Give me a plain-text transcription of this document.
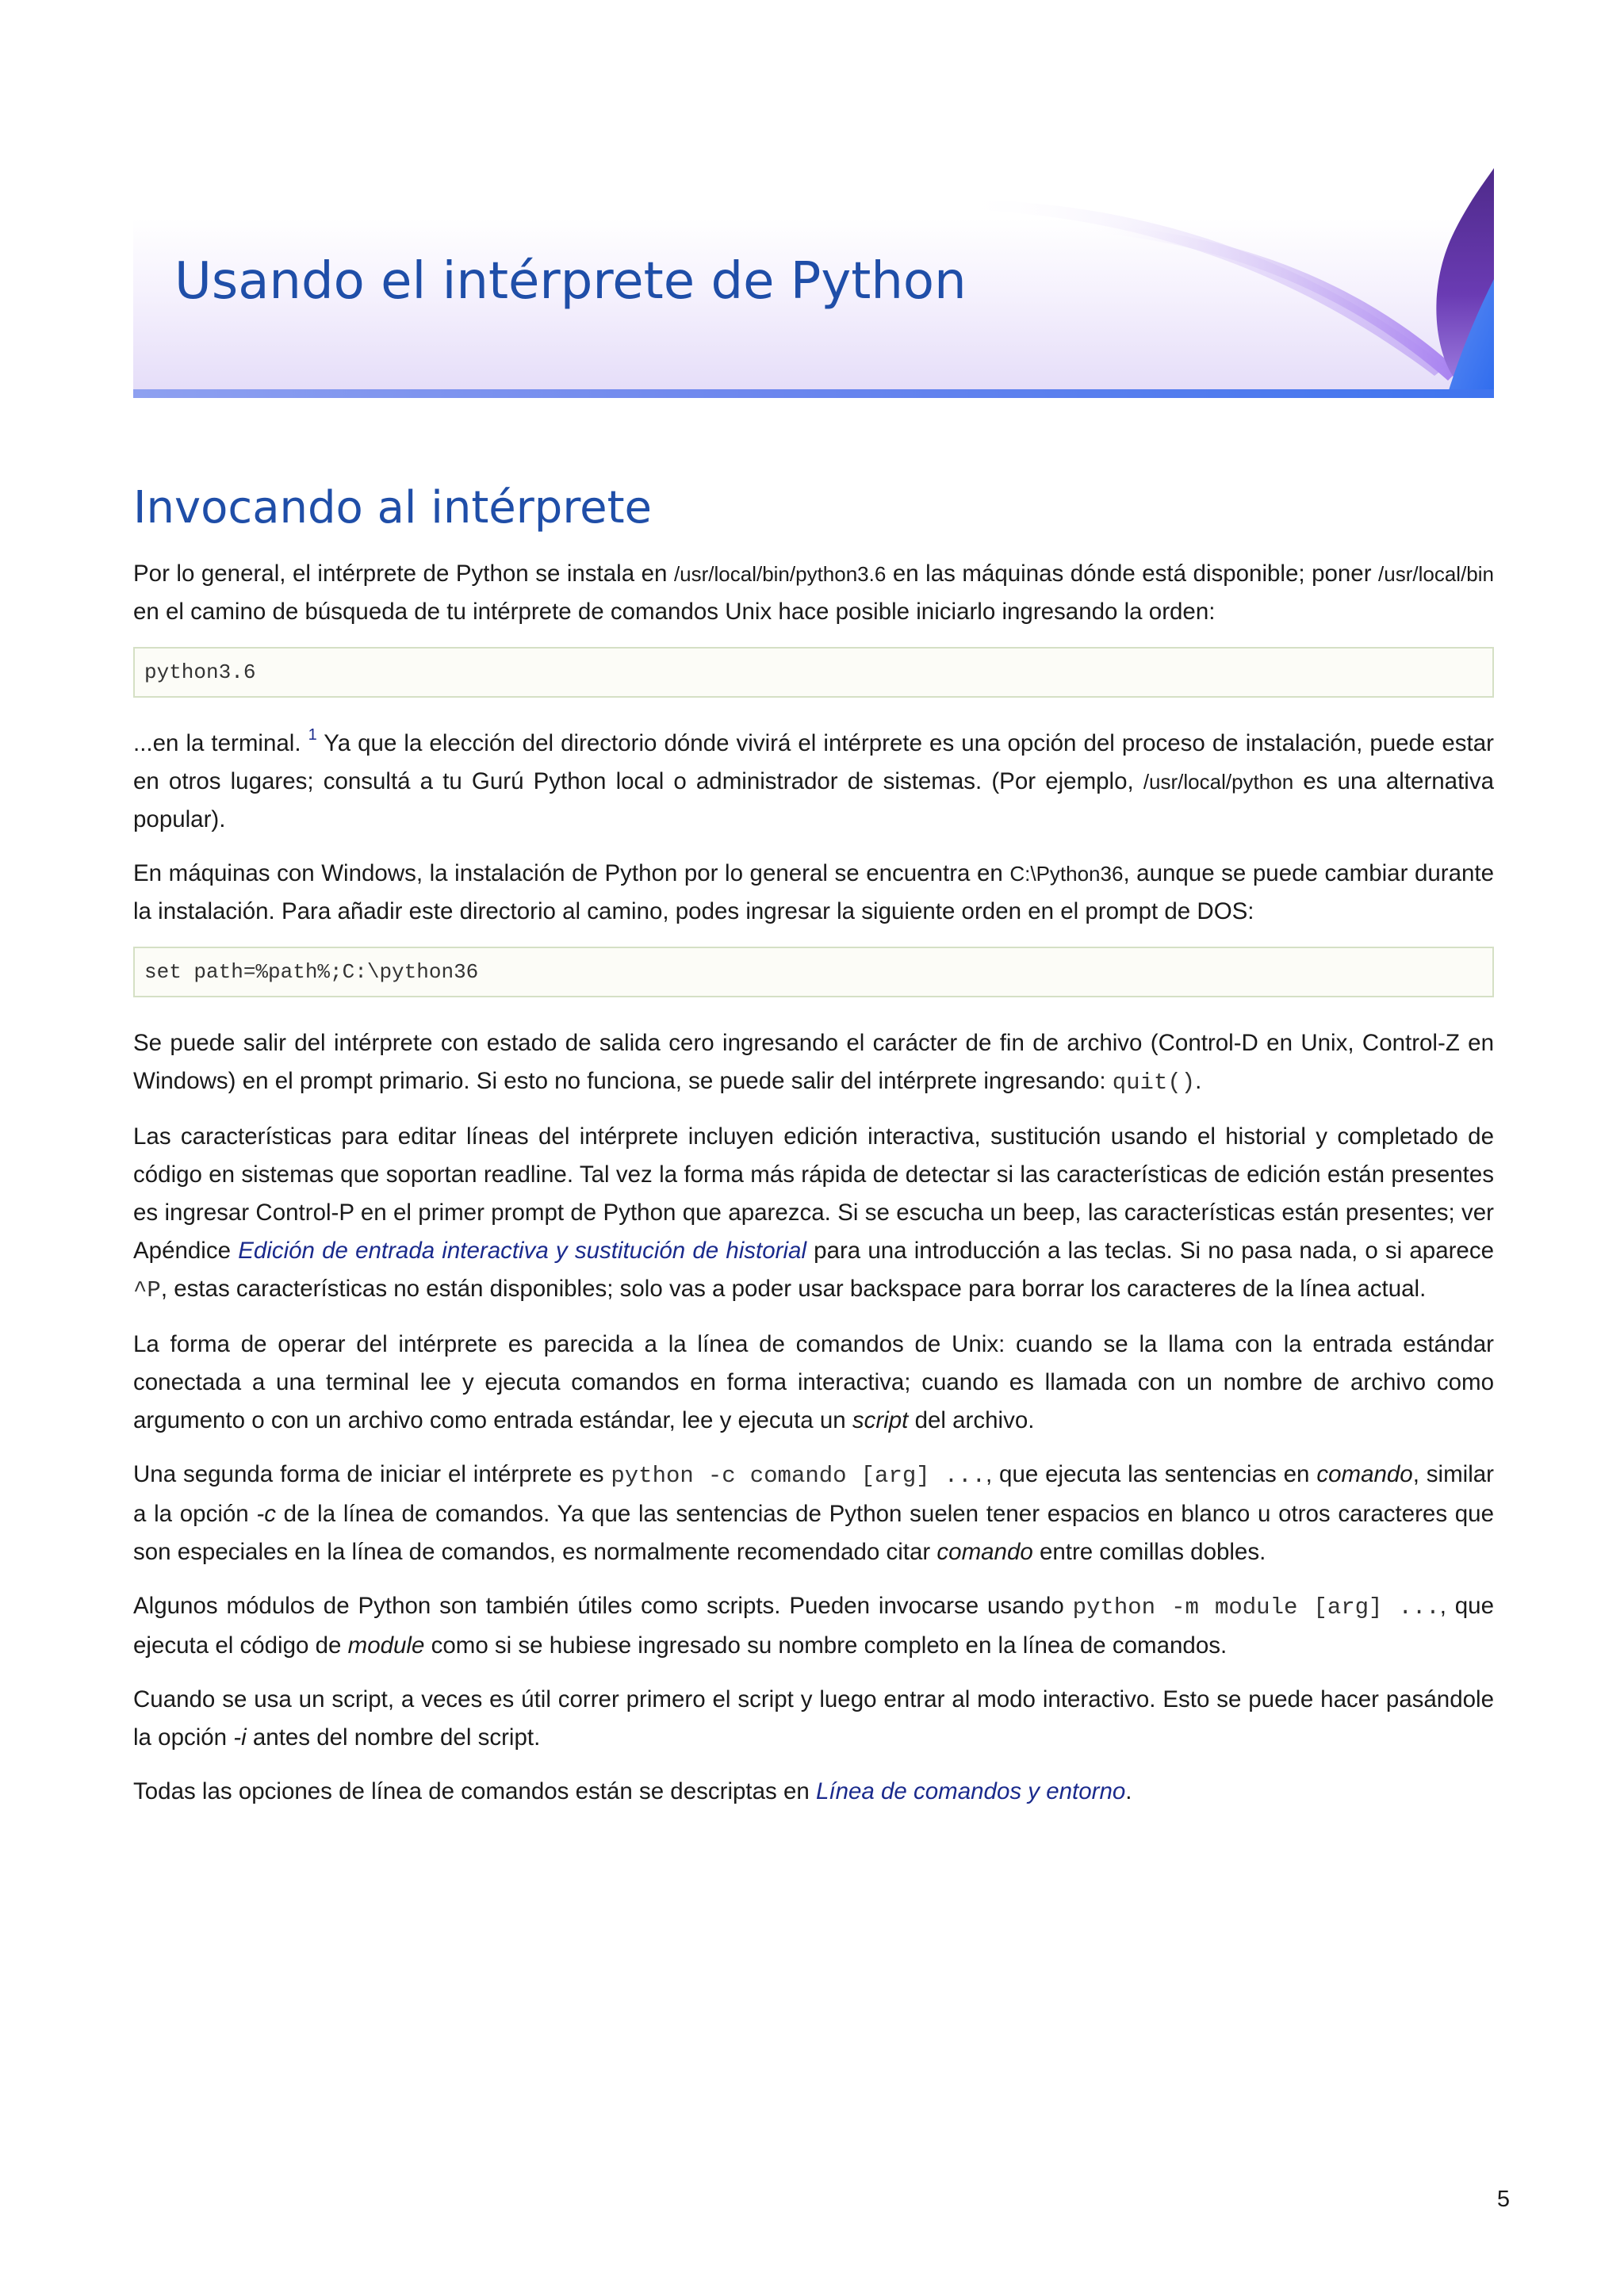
Usando el intérprete de Python
Invocando al intérprete

Por lo general, el intérprete de Python se instala en /usr/local/bin/python3.6 en las máquinas dónde está disponible; poner /usr/local/bin en el camino de búsqueda de tu intérprete de comandos Unix hace posible iniciarlo ingresando la orden:

python3.6

...en la terminal. $^1$ Ya que la elección del directorio dónde vivirá el intérprete es una opción del proceso de instalación, puede estar en otros lugares; consultá a tu Gurú Python local o administrador de sistemas. (Por ejemplo, /usr/local/python es una alternativa popular).

En máquinas con Windows, la instalación de Python por lo general se encuentra en C:\Python36, aunque se puede cambiar durante la instalación. Para añadir este directorio al camino, podes ingresar la siguiente orden en el prompt de DOS:

set path=%path%;C:\python36

Se puede salir del intérprete con estado de salida cero ingresando el carácter de fin de archivo (Control-D en Unix, Control-Z en Windows) en el prompt primario. Si esto no funciona, se puede salir del intérprete ingresando: quit().

Las características para editar líneas del intérprete incluyen edición interactiva, sustitución usando el historial y completado de código en sistemas que soportan readline. Tal vez la forma más rápida de detectar si las características de edición están presentes es ingresar Control-P en el primer prompt de Python que aparezca. Si se escucha un beep, las características están presentes; ver Apéndice Edición de entrada interactiva y sustitución de historial para una introducción a las teclas. Si no pasa nada, o si aparece ^P, estas características no están disponibles; solo vas a poder usar backspace para borrar los caracteres de la línea actual.

La forma de operar del intérprete es parecida a la línea de comandos de Unix: cuando se la llama con la entrada estándar conectada a una terminal lee y ejecuta comandos en forma interactiva; cuando es llamada con un nombre de archivo como argumento o con un archivo como entrada estándar, lee y ejecuta un script del archivo.

Una segunda forma de iniciar el intérprete es python -c comando [arg] ..., que ejecuta las sentencias en comando, similar a la opción -c de la línea de comandos. Ya que las sentencias de Python suelen tener espacios en blanco u otros caracteres que son especiales en la línea de comandos, es normalmente recomendado citar comando entre comillas dobles.

Algunos módulos de Python son también útiles como scripts. Pueden invocarse usando python -m module [arg] ..., que ejecuta el código de module como si se hubiese ingresado su nombre completo en la línea de comandos.

Cuando se usa un script, a veces es útil correr primero el script y luego entrar al modo interactivo. Esto se puede hacer pasándole la opción -i antes del nombre del script.

Todas las opciones de línea de comandos están se descriptas en Línea de comandos y entorno.

5
